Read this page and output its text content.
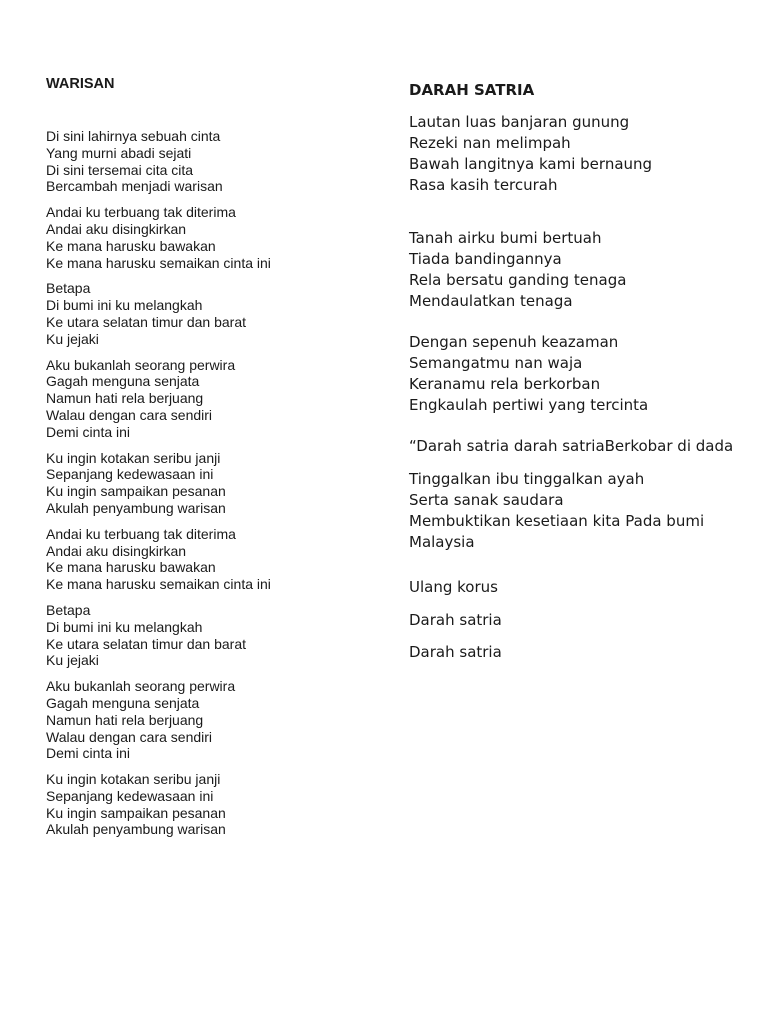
WARISAN
Di sini lahirnya sebuah cinta
Yang murni abadi sejati
Di sini tersemai cita cita
Bercambah menjadi warisan
Andai ku terbuang tak diterima
Andai aku disingkirkan
Ke mana harusku bawakan
Ke mana harusku semaikan cinta ini
Betapa
Di bumi ini ku melangkah
Ke utara selatan timur dan barat
Ku jejaki
Aku bukanlah seorang perwira
Gagah menguna senjata
Namun hati rela berjuang
Walau dengan cara sendiri
Demi cinta ini
Ku ingin kotakan seribu janji
Sepanjang kedewasaan ini
Ku ingin sampaikan pesanan
Akulah penyambung warisan
Andai ku terbuang tak diterima
Andai aku disingkirkan
Ke mana harusku bawakan
Ke mana harusku semaikan cinta ini
Betapa
Di bumi ini ku melangkah
Ke utara selatan timur dan barat
Ku jejaki
Aku bukanlah seorang perwira
Gagah menguna senjata
Namun hati rela berjuang
Walau dengan cara sendiri
Demi cinta ini
Ku ingin kotakan seribu janji
Sepanjang kedewasaan ini
Ku ingin sampaikan pesanan
Akulah penyambung warisan
DARAH SATRIA
Lautan luas banjaran gunung
Rezeki nan melimpah
Bawah langitnya kami bernaung
Rasa kasih tercurah
Tanah airku bumi bertuah
Tiada bandingannya
Rela bersatu ganding tenaga
Mendaulatkan tenaga
Dengan sepenuh keazaman
Semangatmu nan waja
Keranamu rela berkorban
Engkaulah pertiwi yang tercinta
“Darah satria darah satriaBerkobar di dada
Tinggalkan ibu tinggalkan ayah
Serta sanak saudara
Membuktikan kesetiaan kita Pada bumi
Malaysia
Ulang korus
Darah satria
Darah satria
